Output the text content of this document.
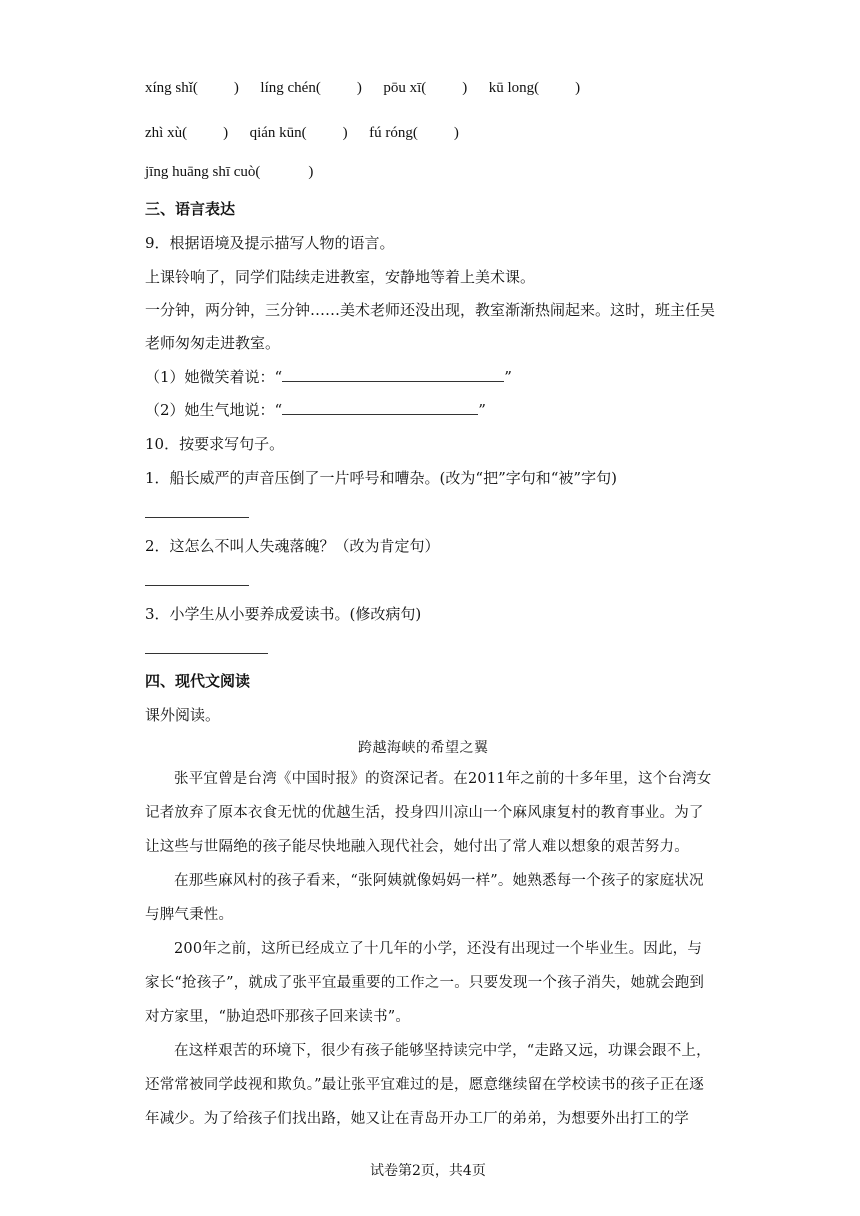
xíng shǐ( ) líng chén( ) pōu xī( ) kū long( )
zhì xù( ) qián kūn( ) fú róng( )
jīng huāng shī cuò(	)
三、语言表达
9．根据语境及提示描写人物的语言。
上课铃响了，同学们陆续走进教室，安静地等着上美术课。
一分钟，两分钟，三分钟……美术老师还没出现，教室渐渐热闹起来。这时，班主任吴
老师匆匆走进教室。
（1）她微笑着说：“	”
（2）她生气地说：“	”
10．按要求写句子。
1．船长威严的声音压倒了一片呼号和嘈杂。(改为“把”字句和“被”字句)
2．这怎么不叫人失魂落魄？（改为肯定句）
3．小学生从小要养成爱读书。(修改病句)
四、现代文阅读
课外阅读。
跨越海峡的希望之翼
张平宜曾是台湾《中国时报》的资深记者。在2011年之前的十多年里，这个台湾女记者放弃了原本衣食无忧的优越生活，投身四川凉山一个麻风康复村的教育事业。为了让这些与世隔绝的孩子能尽快地融入现代社会，她付出了常人难以想象的艰苦努力。
在那些麻风村的孩子看来，“张阿姨就像妈妈一样”。她熟悉每一个孩子的家庭状况与脾气秉性。
200年之前，这所已经成立了十几年的小学，还没有出现过一个毕业生。因此，与家长“抢孩子”，就成了张平宜最重要的工作之一。只要发现一个孩子消失，她就会跑到对方家里，“胁迫恐吓那孩子回来读书”。
在这样艰苦的环境下，很少有孩子能够坚持读完中学，“走路又远，功课会跟不上，还常常被同学歧视和欺负。”最让张平宜难过的是，愿意继续留在学校读书的孩子正在逐年减少。为了给孩子们找出路，她又让在青岛开办工厂的弟弟，为想要外出打工的学
试卷第2页，共4页
